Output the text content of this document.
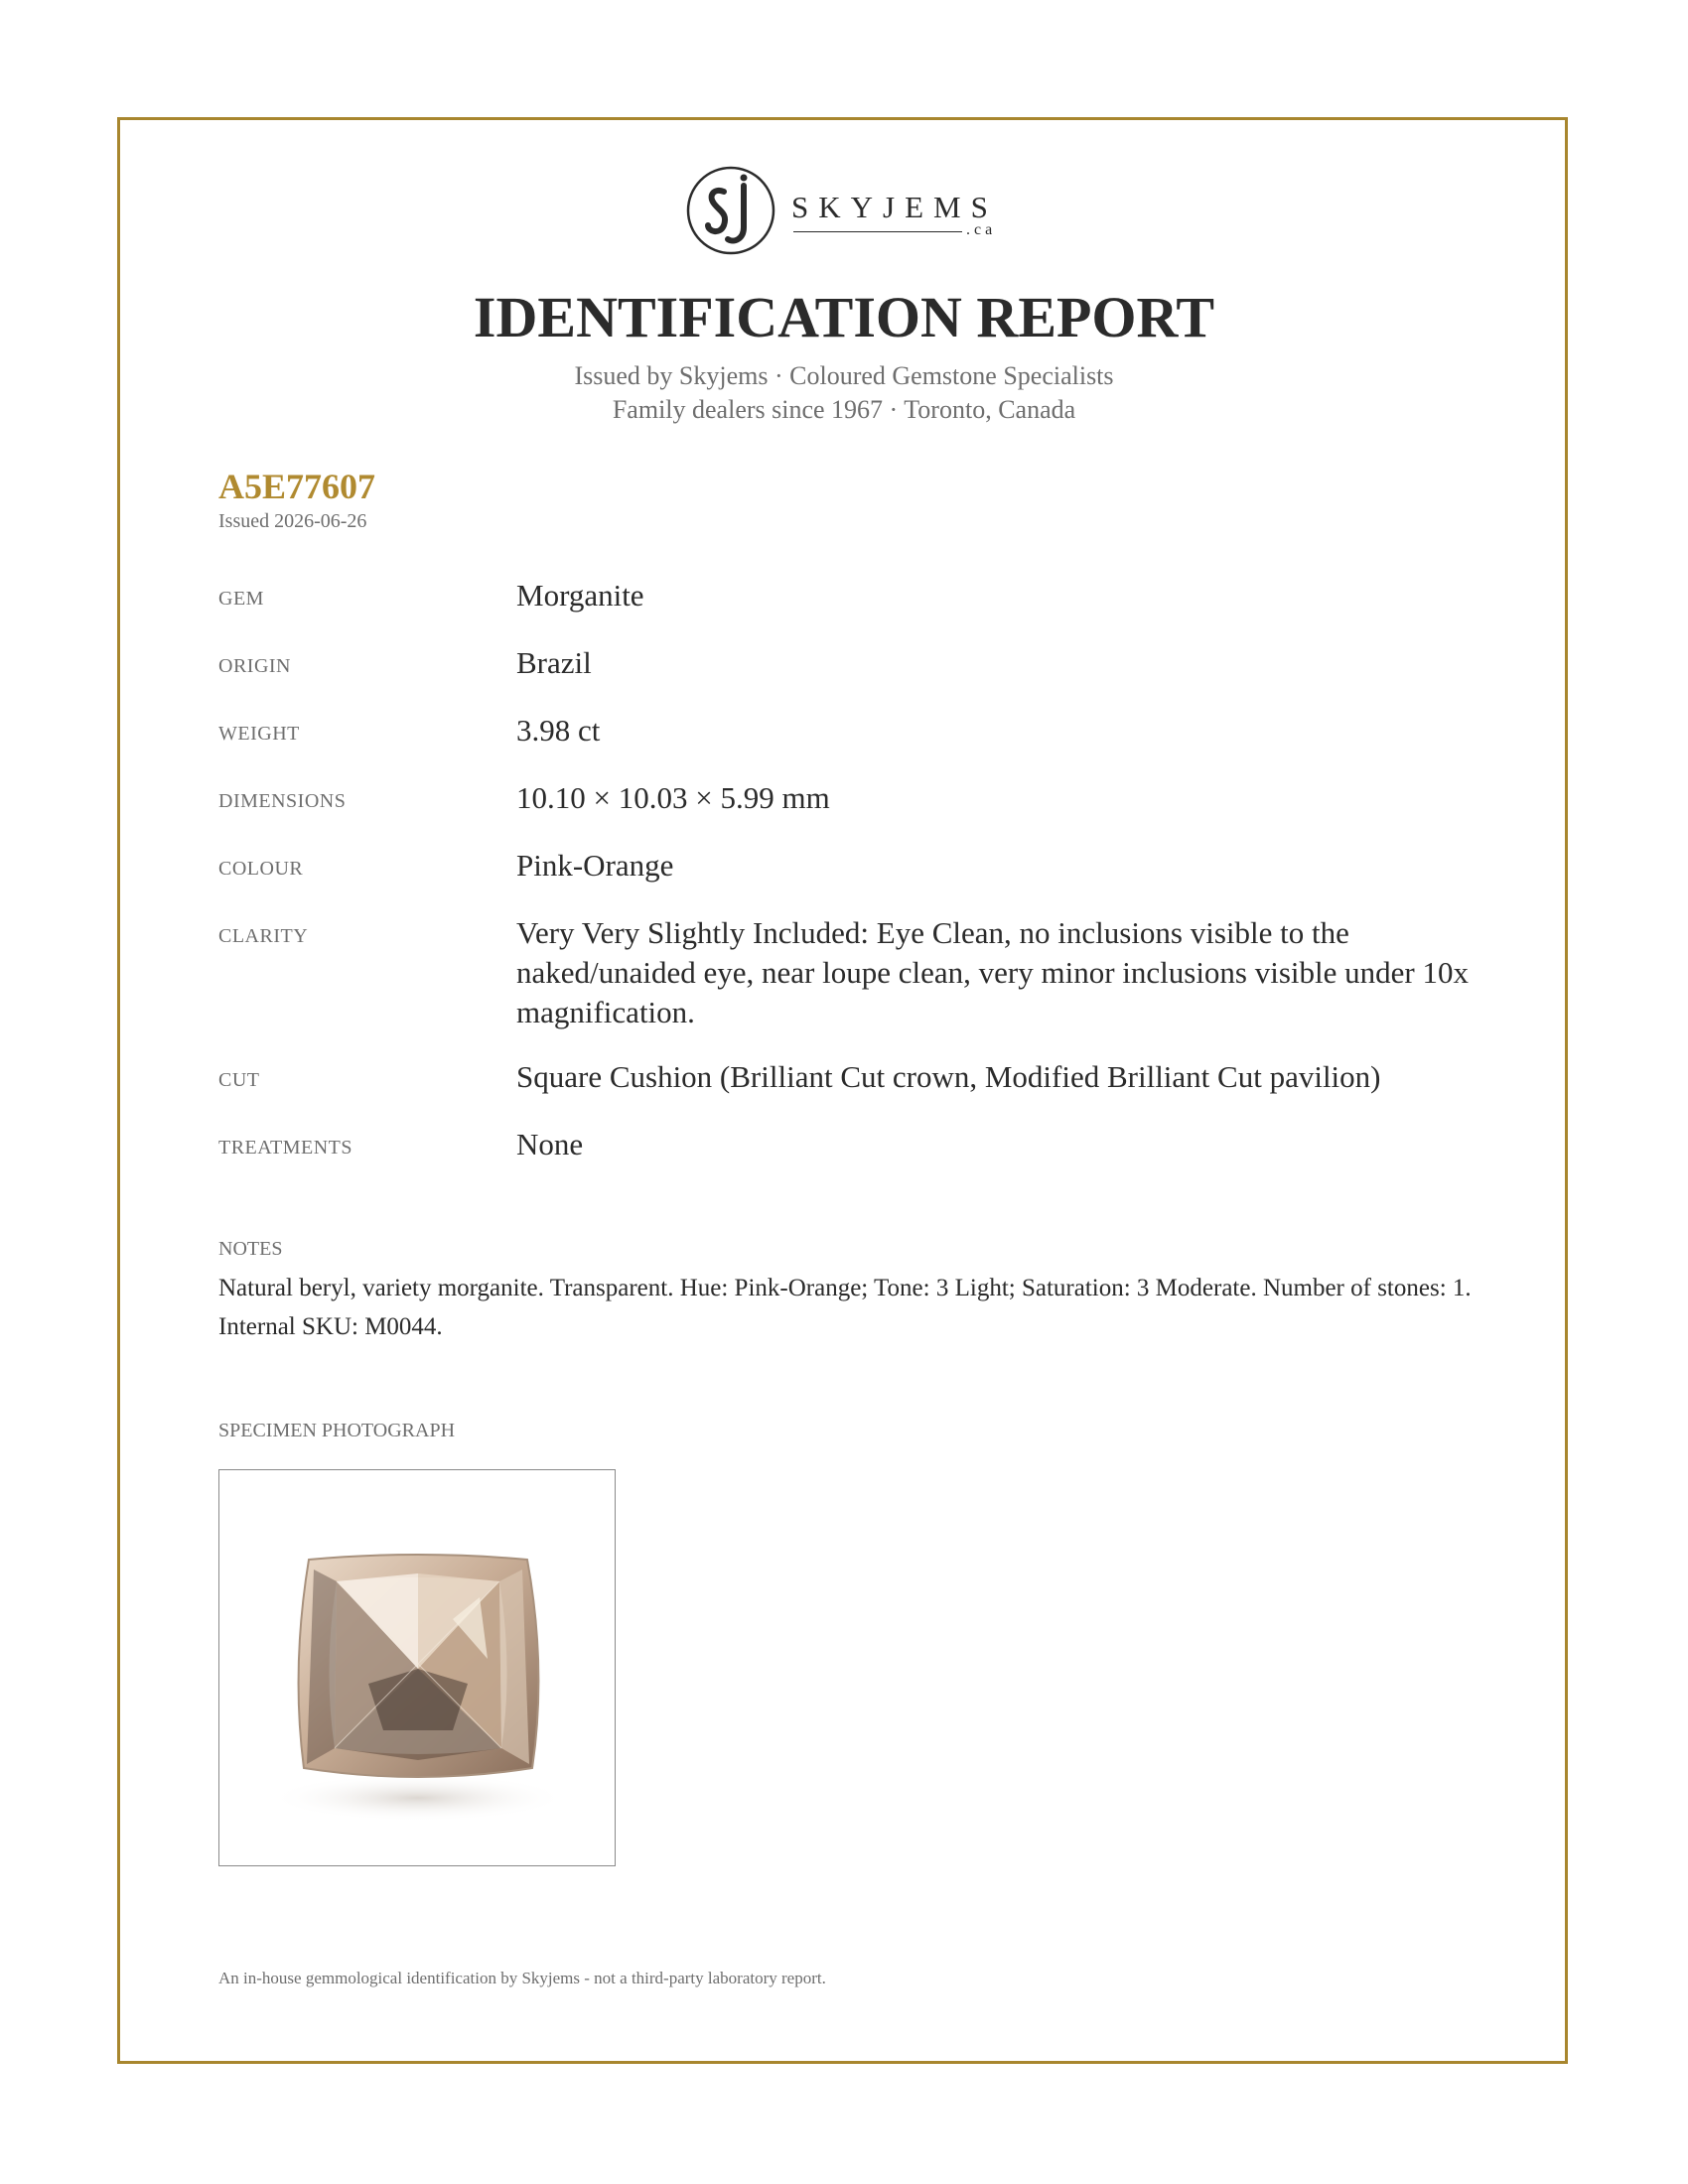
SKYJEMS
.ca
IDENTIFICATION REPORT
Issued by Skyjems · Coloured Gemstone Specialists
Family dealers since 1967 · Toronto, Canada
A5E77607
Issued 2026-06-26
GEM	Morganite
ORIGIN	Brazil
WEIGHT	3.98 ct
DIMENSIONS	10.10 × 10.03 × 5.99 mm
COLOUR	Pink-Orange
CLARITY	Very Very Slightly Included: Eye Clean, no inclusions visible to the naked/unaided eye, near loupe clean, very minor inclusions visible under 10x magnification.
CUT	Square Cushion (Brilliant Cut crown, Modified Brilliant Cut pavilion)
TREATMENTS	None
NOTES
Natural beryl, variety morganite. Transparent. Hue: Pink-Orange; Tone: 3 Light; Saturation: 3 Moderate. Number of stones: 1. Internal SKU: M0044.
SPECIMEN PHOTOGRAPH
An in-house gemmological identification by Skyjems - not a third-party laboratory report.
